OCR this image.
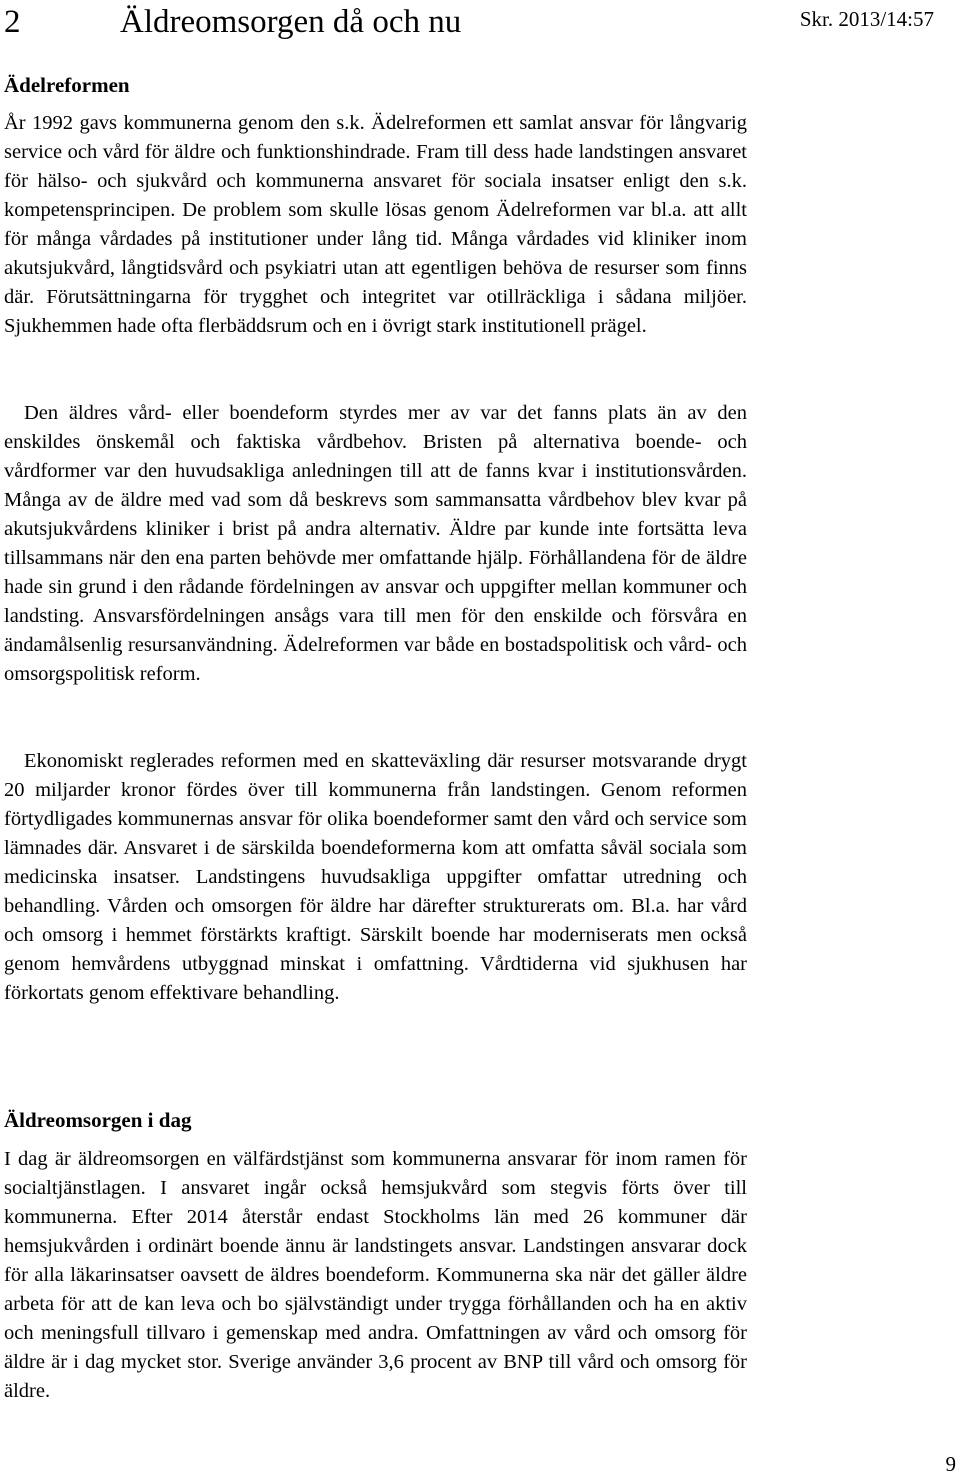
2	Äldreomsorgen då och nu	Skr. 2013/14:57
Ädelreformen

År 1992 gavs kommunerna genom den s.k. Ädelreformen ett samlat ansvar för långvarig service och vård för äldre och funktionshindrade. Fram till dess hade landstingen ansvaret för hälso- och sjukvård och kommunerna ansvaret för sociala insatser enligt den s.k. kompetensprincipen. De problem som skulle lösas genom Ädelreformen var bl.a. att allt för många vårdades på institutioner under lång tid. Många vårdades vid kliniker inom akutsjukvård, långtidsvård och psykiatri utan att egentligen behöva de resurser som finns där. Förutsättningarna för trygghet och integritet var otillräckliga i sådana miljöer. Sjukhemmen hade ofta flerbäddsrum och en i övrigt stark institutionell prägel.

Den äldres vård- eller boendeform styrdes mer av var det fanns plats än av den enskildes önskemål och faktiska vårdbehov. Bristen på alternativa boende- och vårdformer var den huvudsakliga anledningen till att de fanns kvar i institutionsvården. Många av de äldre med vad som då beskrevs som sammansatta vårdbehov blev kvar på akutsjukvårdens kliniker i brist på andra alternativ. Äldre par kunde inte fortsätta leva tillsammans när den ena parten behövde mer omfattande hjälp. Förhållandena för de äldre hade sin grund i den rådande fördelningen av ansvar och uppgifter mellan kommuner och landsting. Ansvarsfördelningen ansågs vara till men för den enskilde och försvåra en ändamålsenlig resursanvändning. Ädelreformen var både en bostadspolitisk och vård- och omsorgspolitisk reform.

Ekonomiskt reglerades reformen med en skatteväxling där resurser motsvarande drygt 20 miljarder kronor fördes över till kommunerna från landstingen. Genom reformen förtydligades kommunernas ansvar för olika boendeformer samt den vård och service som lämnades där. Ansvaret i de särskilda boendeformerna kom att omfatta såväl sociala som medicinska insatser. Landstingens huvudsakliga uppgifter omfattar utredning och behandling. Vården och omsorgen för äldre har därefter strukturerats om. Bl.a. har vård och omsorg i hemmet förstärkts kraftigt. Särskilt boende har moderniserats men också genom hemvårdens utbyggnad minskat i omfattning. Vårdtiderna vid sjukhusen har förkortats genom effektivare behandling.

Äldreomsorgen i dag

I dag är äldreomsorgen en välfärdstjänst som kommunerna ansvarar för inom ramen för socialtjänstlagen. I ansvaret ingår också hemsjukvård som stegvis förts över till kommunerna. Efter 2014 återstår endast Stockholms län med 26 kommuner där hemsjukvården i ordinärt boende ännu är landstingets ansvar. Landstingen ansvarar dock för alla läkarinsatser oavsett de äldres boendeform. Kommunerna ska när det gäller äldre arbeta för att de kan leva och bo självständigt under trygga förhållanden och ha en aktiv och meningsfull tillvaro i gemenskap med andra. Omfattningen av vård och omsorg för äldre är i dag mycket stor. Sverige använder 3,6 procent av BNP till vård och omsorg för äldre.

9
